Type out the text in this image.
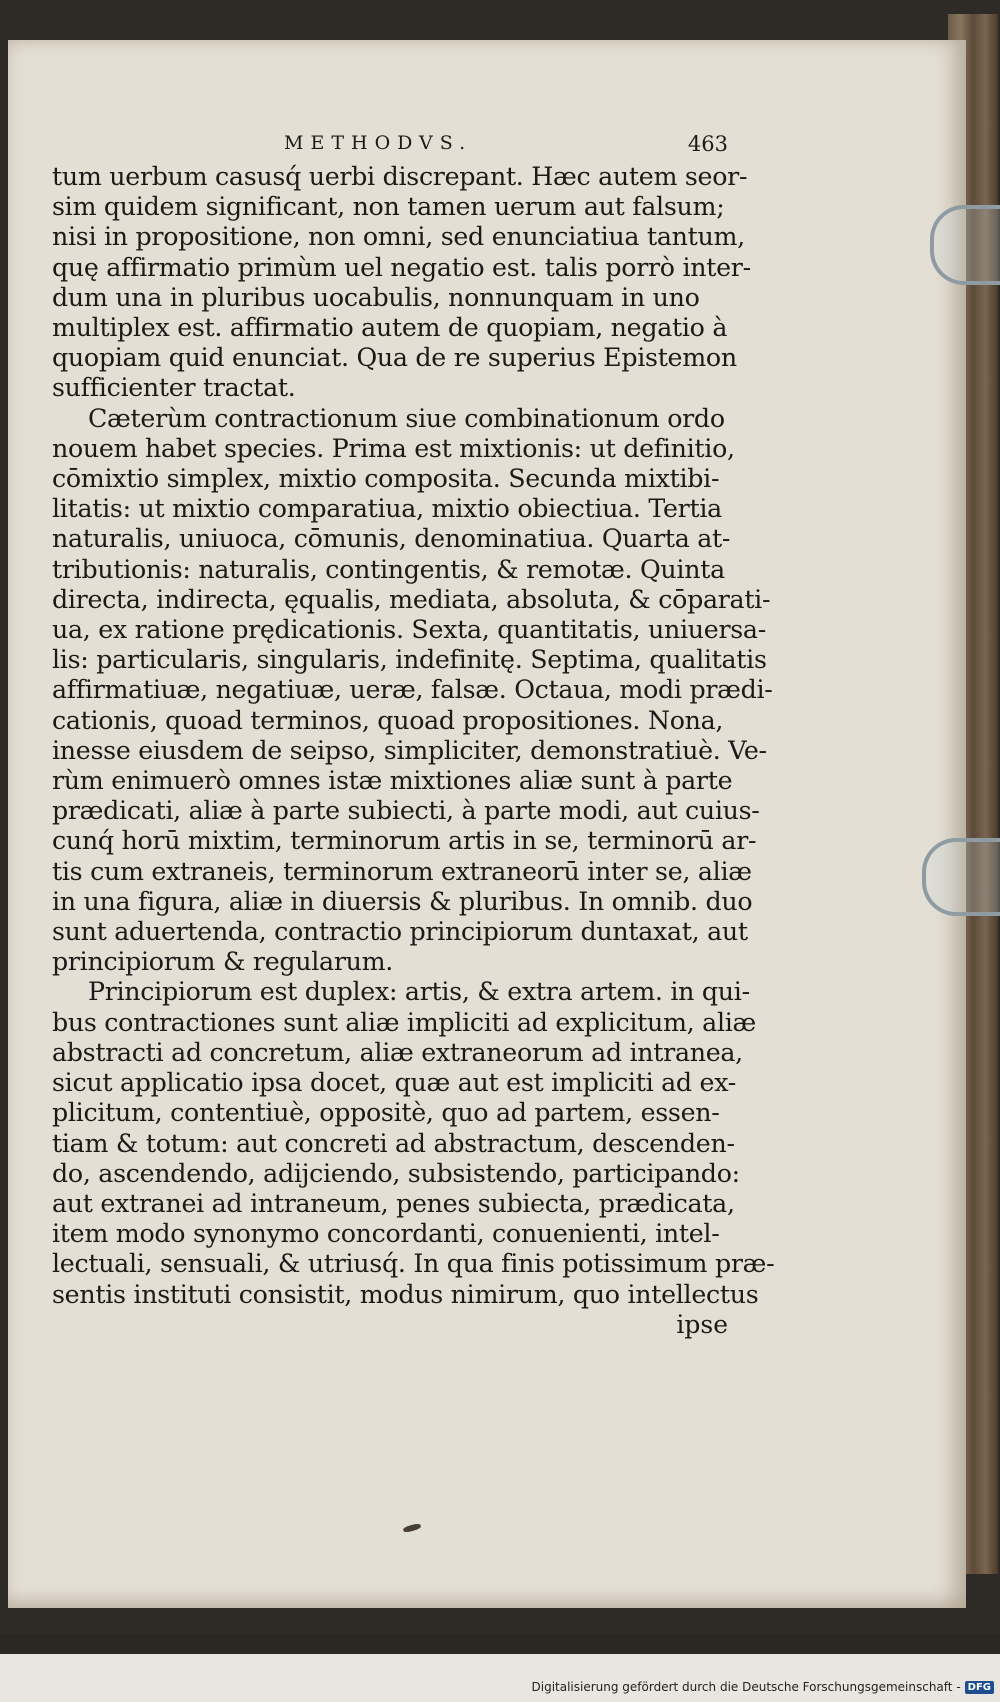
METHODVS.	463

tum uerbum casusq́ uerbi discrepant. Hæc autem seor-
sim quidem significant, non tamen uerum aut falsum;
nisi in propositione, non omni, sed enunciatiua tantum,
quę affirmatio primùm uel negatio est. talis porrò inter-
dum una in pluribus uocabulis, nonnunquam in uno
multiplex est. affirmatio autem de quopiam, negatio à
quopiam quid enunciat. Qua de re superius Epistemon
sufficienter tractat.

Cæterùm contractionum siue combinationum ordo
nouem habet species. Prima est mixtionis: ut definitio,
cōmixtio simplex, mixtio composita. Secunda mixtibi-
litatis: ut mixtio comparatiua, mixtio obiectiua. Tertia
naturalis, uniuoca, cōmunis, denominatiua. Quarta at-
tributionis: naturalis, contingentis, & remotæ. Quinta
directa, indirecta, ęqualis, mediata, absoluta, & cōparati-
ua, ex ratione prędicationis. Sexta, quantitatis, uniuersa-
lis: particularis, singularis, indefinitę. Septima, qualitatis
affirmatiuæ, negatiuæ, ueræ, falsæ. Octaua, modi prædi-
cationis, quoad terminos, quoad propositiones. Nona,
inesse eiusdem de seipso, simpliciter, demonstratiuè. Ve-
rùm enimuerò omnes istæ mixtiones aliæ sunt à parte
prædicati, aliæ à parte subiecti, à parte modi, aut cuius-
cunq́ horū mixtim, terminorum artis in se, terminorū ar-
tis cum extraneis, terminorum extraneorū inter se, aliæ
in una figura, aliæ in diuersis & pluribus. In omnib. duo
sunt aduertenda, contractio principiorum duntaxat, aut
principiorum & regularum.

Principiorum est duplex: artis, & extra artem. in qui-
bus contractiones sunt aliæ impliciti ad explicitum, aliæ
abstracti ad concretum, aliæ extraneorum ad intranea,
sicut applicatio ipsa docet, quæ aut est impliciti ad ex-
plicitum, contentiuè, oppositè, quo ad partem, essen-
tiam & totum: aut concreti ad abstractum, descenden-
do, ascendendo, adijciendo, subsistendo, participando:
aut extranei ad intraneum, penes subiecta, prædicata,
item modo synonymo concordanti, conuenienti, intel-
lectuali, sensuali, & utriusq́. In qua finis potissimum præ-
sentis instituti consistit, modus nimirum, quo intellectus

ipse
Digitalisierung gefördert durch die Deutsche Forschungsgemeinschaft - DFG
